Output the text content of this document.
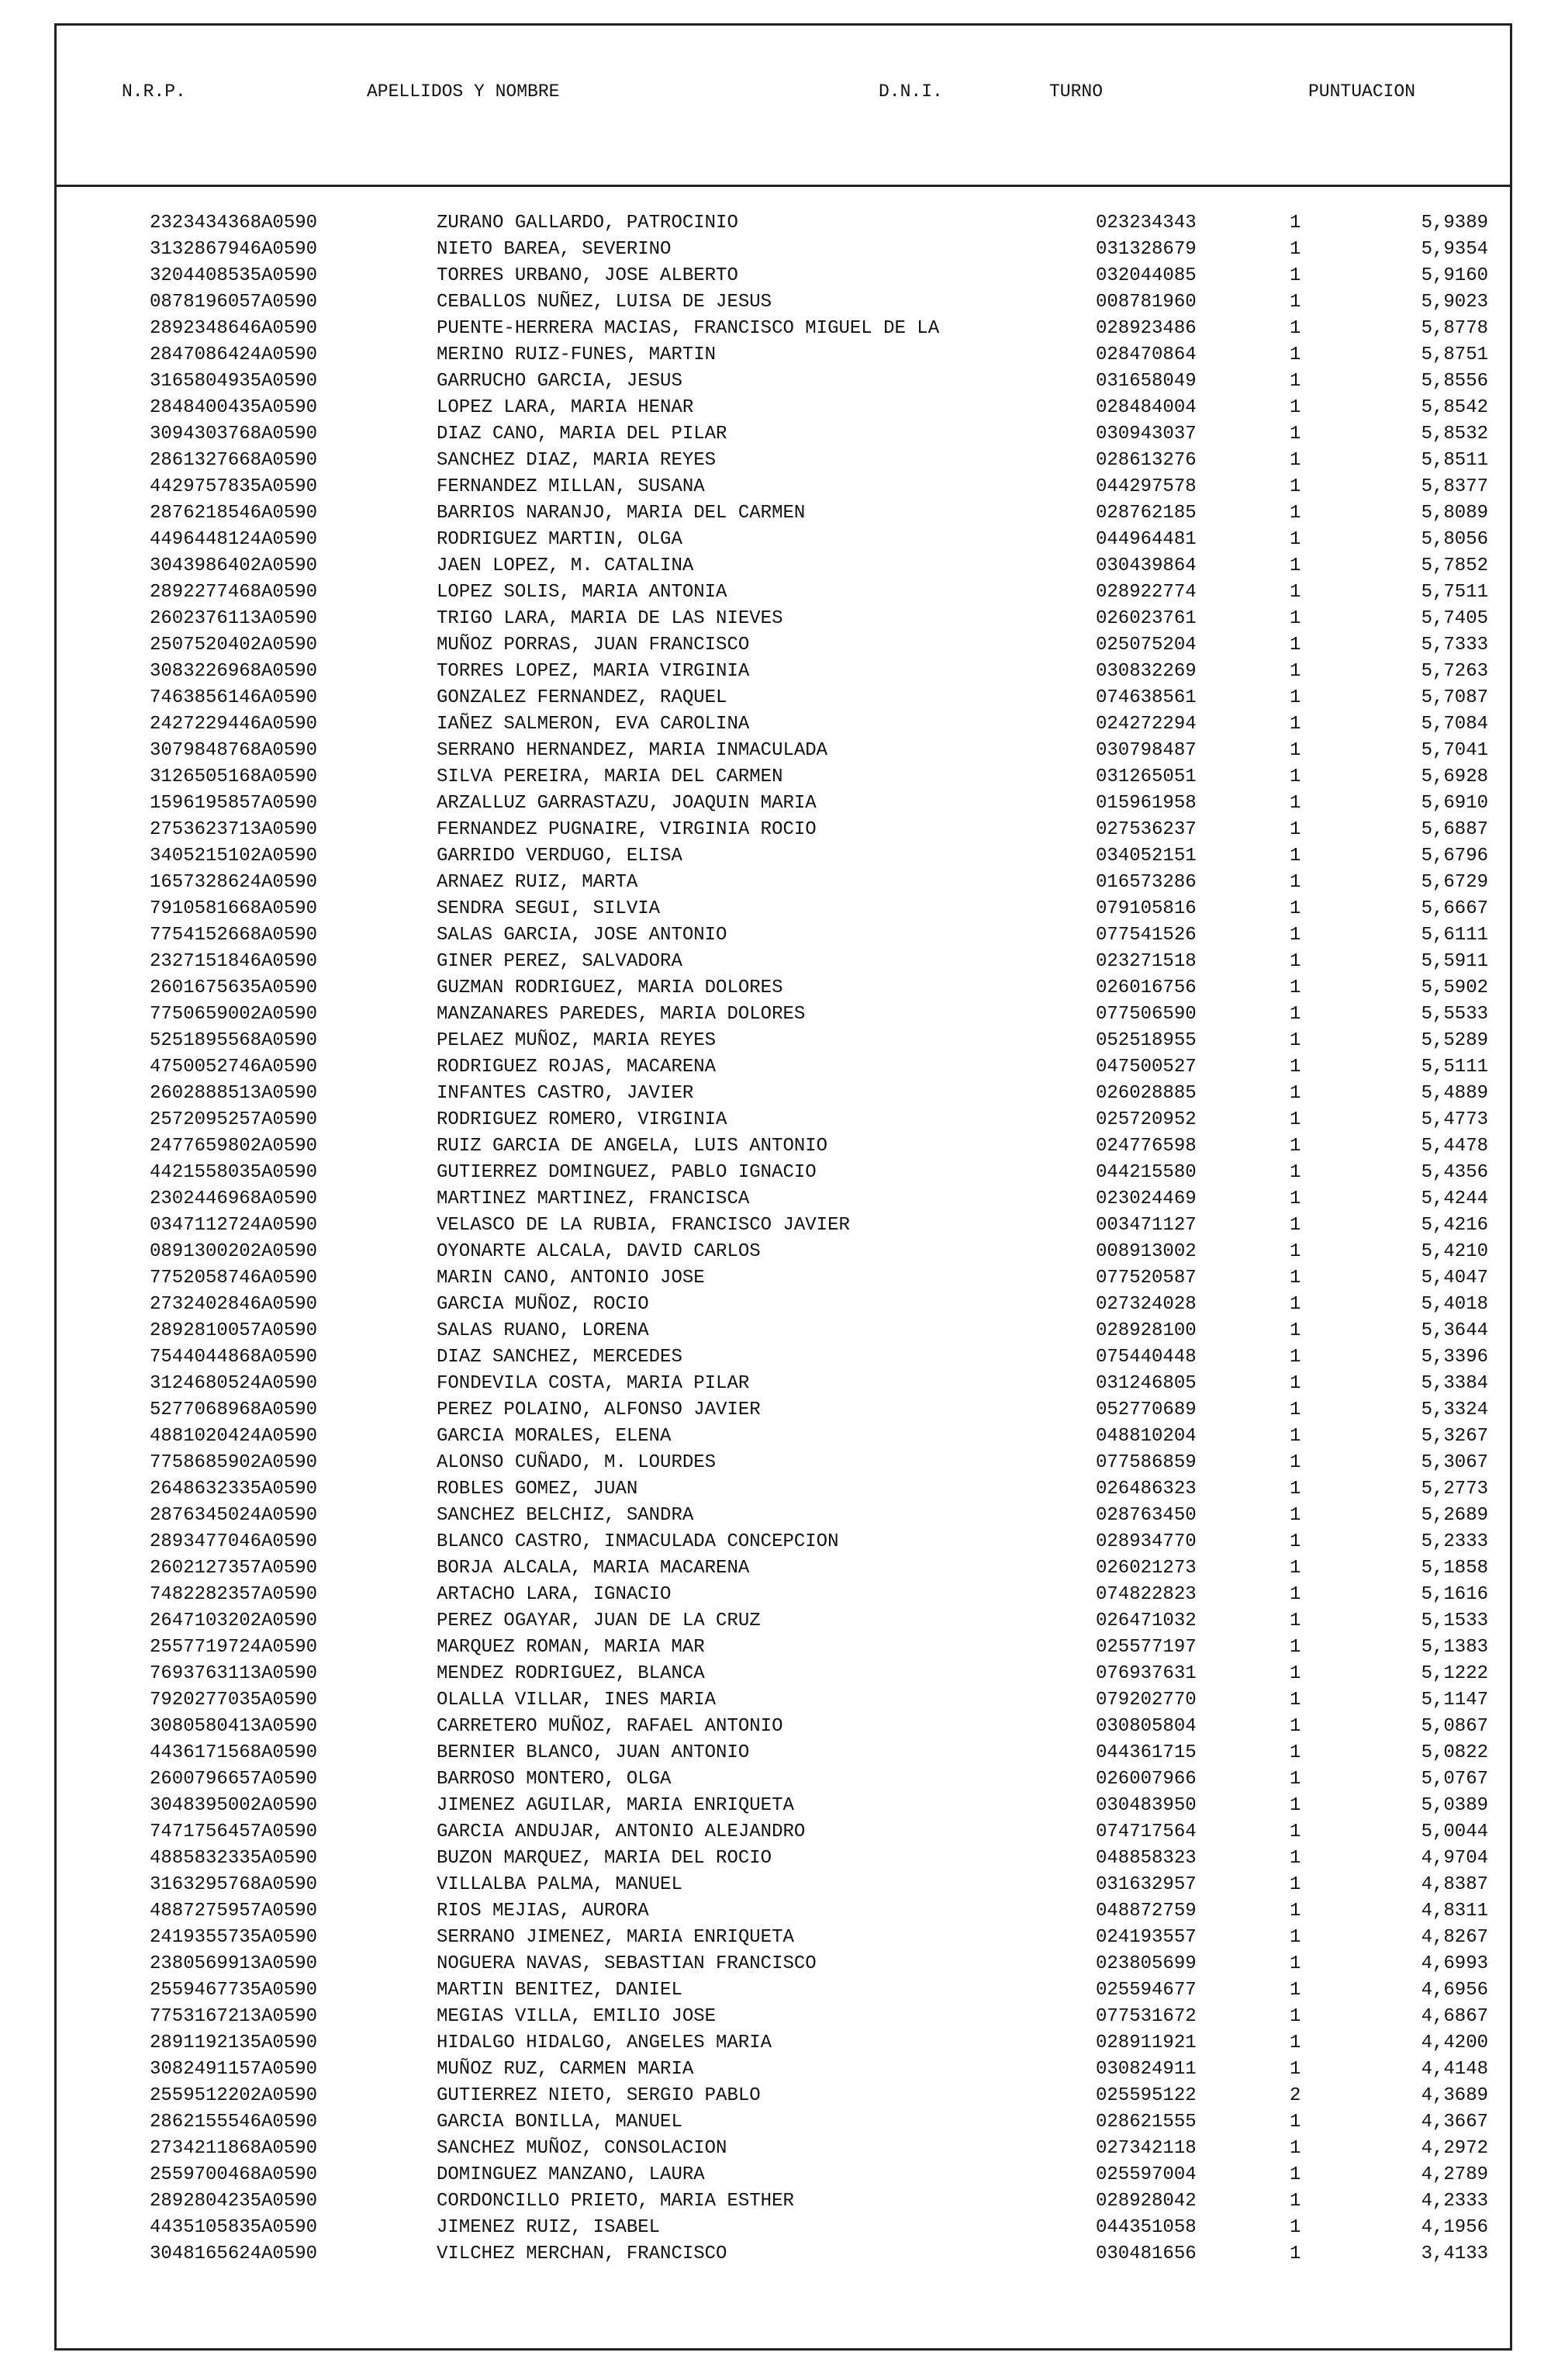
N.R.P.	APELLIDOS Y NOMBRE	D.N.I.	TURNO	PUNTUACION
2323434368A0590	ZURANO GALLARDO, PATROCINIO	023234343	1	5,9389
3132867946A0590	NIETO BAREA, SEVERINO	031328679	1	5,9354
3204408535A0590	TORRES URBANO, JOSE ALBERTO	032044085	1	5,9160
0878196057A0590	CEBALLOS NUÑEZ, LUISA DE JESUS	008781960	1	5,9023
2892348646A0590	PUENTE-HERRERA MACIAS, FRANCISCO MIGUEL DE LA	028923486	1	5,8778
2847086424A0590	MERINO RUIZ-FUNES, MARTIN	028470864	1	5,8751
3165804935A0590	GARRUCHO GARCIA, JESUS	031658049	1	5,8556
2848400435A0590	LOPEZ LARA, MARIA HENAR	028484004	1	5,8542
3094303768A0590	DIAZ CANO, MARIA DEL PILAR	030943037	1	5,8532
2861327668A0590	SANCHEZ DIAZ, MARIA REYES	028613276	1	5,8511
4429757835A0590	FERNANDEZ MILLAN, SUSANA	044297578	1	5,8377
2876218546A0590	BARRIOS NARANJO, MARIA DEL CARMEN	028762185	1	5,8089
4496448124A0590	RODRIGUEZ MARTIN, OLGA	044964481	1	5,8056
3043986402A0590	JAEN LOPEZ, M. CATALINA	030439864	1	5,7852
2892277468A0590	LOPEZ SOLIS, MARIA ANTONIA	028922774	1	5,7511
2602376113A0590	TRIGO LARA, MARIA DE LAS NIEVES	026023761	1	5,7405
2507520402A0590	MUÑOZ PORRAS, JUAN FRANCISCO	025075204	1	5,7333
3083226968A0590	TORRES LOPEZ, MARIA VIRGINIA	030832269	1	5,7263
7463856146A0590	GONZALEZ FERNANDEZ, RAQUEL	074638561	1	5,7087
2427229446A0590	IAÑEZ SALMERON, EVA CAROLINA	024272294	1	5,7084
3079848768A0590	SERRANO HERNANDEZ, MARIA INMACULADA	030798487	1	5,7041
3126505168A0590	SILVA PEREIRA, MARIA DEL CARMEN	031265051	1	5,6928
1596195857A0590	ARZALLUZ GARRASTAZU, JOAQUIN MARIA	015961958	1	5,6910
2753623713A0590	FERNANDEZ PUGNAIRE, VIRGINIA ROCIO	027536237	1	5,6887
3405215102A0590	GARRIDO VERDUGO, ELISA	034052151	1	5,6796
1657328624A0590	ARNAEZ RUIZ, MARTA	016573286	1	5,6729
7910581668A0590	SENDRA SEGUI, SILVIA	079105816	1	5,6667
7754152668A0590	SALAS GARCIA, JOSE ANTONIO	077541526	1	5,6111
2327151846A0590	GINER PEREZ, SALVADORA	023271518	1	5,5911
2601675635A0590	GUZMAN RODRIGUEZ, MARIA DOLORES	026016756	1	5,5902
7750659002A0590	MANZANARES PAREDES, MARIA DOLORES	077506590	1	5,5533
5251895568A0590	PELAEZ MUÑOZ, MARIA REYES	052518955	1	5,5289
4750052746A0590	RODRIGUEZ ROJAS, MACARENA	047500527	1	5,5111
2602888513A0590	INFANTES CASTRO, JAVIER	026028885	1	5,4889
2572095257A0590	RODRIGUEZ ROMERO, VIRGINIA	025720952	1	5,4773
2477659802A0590	RUIZ GARCIA DE ANGELA, LUIS ANTONIO	024776598	1	5,4478
4421558035A0590	GUTIERREZ DOMINGUEZ, PABLO IGNACIO	044215580	1	5,4356
2302446968A0590	MARTINEZ MARTINEZ, FRANCISCA	023024469	1	5,4244
0347112724A0590	VELASCO DE LA RUBIA, FRANCISCO JAVIER	003471127	1	5,4216
0891300202A0590	OYONARTE ALCALA, DAVID CARLOS	008913002	1	5,4210
7752058746A0590	MARIN CANO, ANTONIO JOSE	077520587	1	5,4047
2732402846A0590	GARCIA MUÑOZ, ROCIO	027324028	1	5,4018
2892810057A0590	SALAS RUANO, LORENA	028928100	1	5,3644
7544044868A0590	DIAZ SANCHEZ, MERCEDES	075440448	1	5,3396
3124680524A0590	FONDEVILA COSTA, MARIA PILAR	031246805	1	5,3384
5277068968A0590	PEREZ POLAINO, ALFONSO JAVIER	052770689	1	5,3324
4881020424A0590	GARCIA MORALES, ELENA	048810204	1	5,3267
7758685902A0590	ALONSO CUÑADO, M. LOURDES	077586859	1	5,3067
2648632335A0590	ROBLES GOMEZ, JUAN	026486323	1	5,2773
2876345024A0590	SANCHEZ BELCHIZ, SANDRA	028763450	1	5,2689
2893477046A0590	BLANCO CASTRO, INMACULADA CONCEPCION	028934770	1	5,2333
2602127357A0590	BORJA ALCALA, MARIA MACARENA	026021273	1	5,1858
7482282357A0590	ARTACHO LARA, IGNACIO	074822823	1	5,1616
2647103202A0590	PEREZ OGAYAR, JUAN DE LA CRUZ	026471032	1	5,1533
2557719724A0590	MARQUEZ ROMAN, MARIA MAR	025577197	1	5,1383
7693763113A0590	MENDEZ RODRIGUEZ, BLANCA	076937631	1	5,1222
7920277035A0590	OLALLA VILLAR, INES MARIA	079202770	1	5,1147
3080580413A0590	CARRETERO MUÑOZ, RAFAEL ANTONIO	030805804	1	5,0867
4436171568A0590	BERNIER BLANCO, JUAN ANTONIO	044361715	1	5,0822
2600796657A0590	BARROSO MONTERO, OLGA	026007966	1	5,0767
3048395002A0590	JIMENEZ AGUILAR, MARIA ENRIQUETA	030483950	1	5,0389
7471756457A0590	GARCIA ANDUJAR, ANTONIO ALEJANDRO	074717564	1	5,0044
4885832335A0590	BUZON MARQUEZ, MARIA DEL ROCIO	048858323	1	4,9704
3163295768A0590	VILLALBA PALMA, MANUEL	031632957	1	4,8387
4887275957A0590	RIOS MEJIAS, AURORA	048872759	1	4,8311
2419355735A0590	SERRANO JIMENEZ, MARIA ENRIQUETA	024193557	1	4,8267
2380569913A0590	NOGUERA NAVAS, SEBASTIAN FRANCISCO	023805699	1	4,6993
2559467735A0590	MARTIN BENITEZ, DANIEL	025594677	1	4,6956
7753167213A0590	MEGIAS VILLA, EMILIO JOSE	077531672	1	4,6867
2891192135A0590	HIDALGO HIDALGO, ANGELES MARIA	028911921	1	4,4200
3082491157A0590	MUÑOZ RUZ, CARMEN MARIA	030824911	1	4,4148
2559512202A0590	GUTIERREZ NIETO, SERGIO PABLO	025595122	2	4,3689
2862155546A0590	GARCIA BONILLA, MANUEL	028621555	1	4,3667
2734211868A0590	SANCHEZ MUÑOZ, CONSOLACION	027342118	1	4,2972
2559700468A0590	DOMINGUEZ MANZANO, LAURA	025597004	1	4,2789
2892804235A0590	CORDONCILLO PRIETO, MARIA ESTHER	028928042	1	4,2333
4435105835A0590	JIMENEZ RUIZ, ISABEL	044351058	1	4,1956
3048165624A0590	VILCHEZ MERCHAN, FRANCISCO	030481656	1	3,4133
